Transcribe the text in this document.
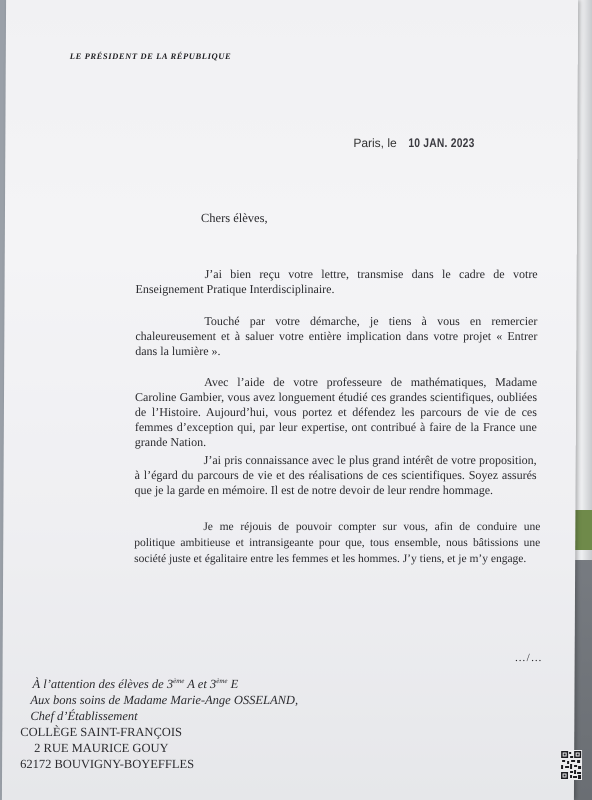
LE PRÉSIDENT DE LA RÉPUBLIQUE
Paris, le 10 JAN. 2023
Chers élèves,

J’ai bien reçu votre lettre, transmise dans le cadre de votre Enseignement Pratique Interdisciplinaire.

Touché par votre démarche, je tiens à vous en remercier chaleureusement et à saluer votre entière implication dans votre projet « Entrer dans la lumière ».

Avec l’aide de votre professeure de mathématiques, Madame Caroline Gambier, vous avez longuement étudié ces grandes scientifiques, oubliées de l’Histoire. Aujourd’hui, vous portez et défendez les parcours de vie de ces femmes d’exception qui, par leur expertise, ont contribué à faire de la France une grande Nation.

J’ai pris connaissance avec le plus grand intérêt de votre proposition, à l’égard du parcours de vie et des réalisations de ces scientifiques. Soyez assurés que je la garde en mémoire. Il est de notre devoir de leur rendre hommage.

Je me réjouis de pouvoir compter sur vous, afin de conduire une politique ambitieuse et intransigeante pour que, tous ensemble, nous bâtissions une société juste et égalitaire entre les femmes et les hommes. J’y tiens, et je m’y engage.

…/…
À l’attention des élèves de 3ème A et 3ème E
Aux bons soins de Madame Marie-Ange OSSELAND,
Chef d’Établissement
COLLÈGE SAINT-FRANÇOIS
2 RUE MAURICE GOUY
62172 BOUVIGNY-BOYEFFLES
